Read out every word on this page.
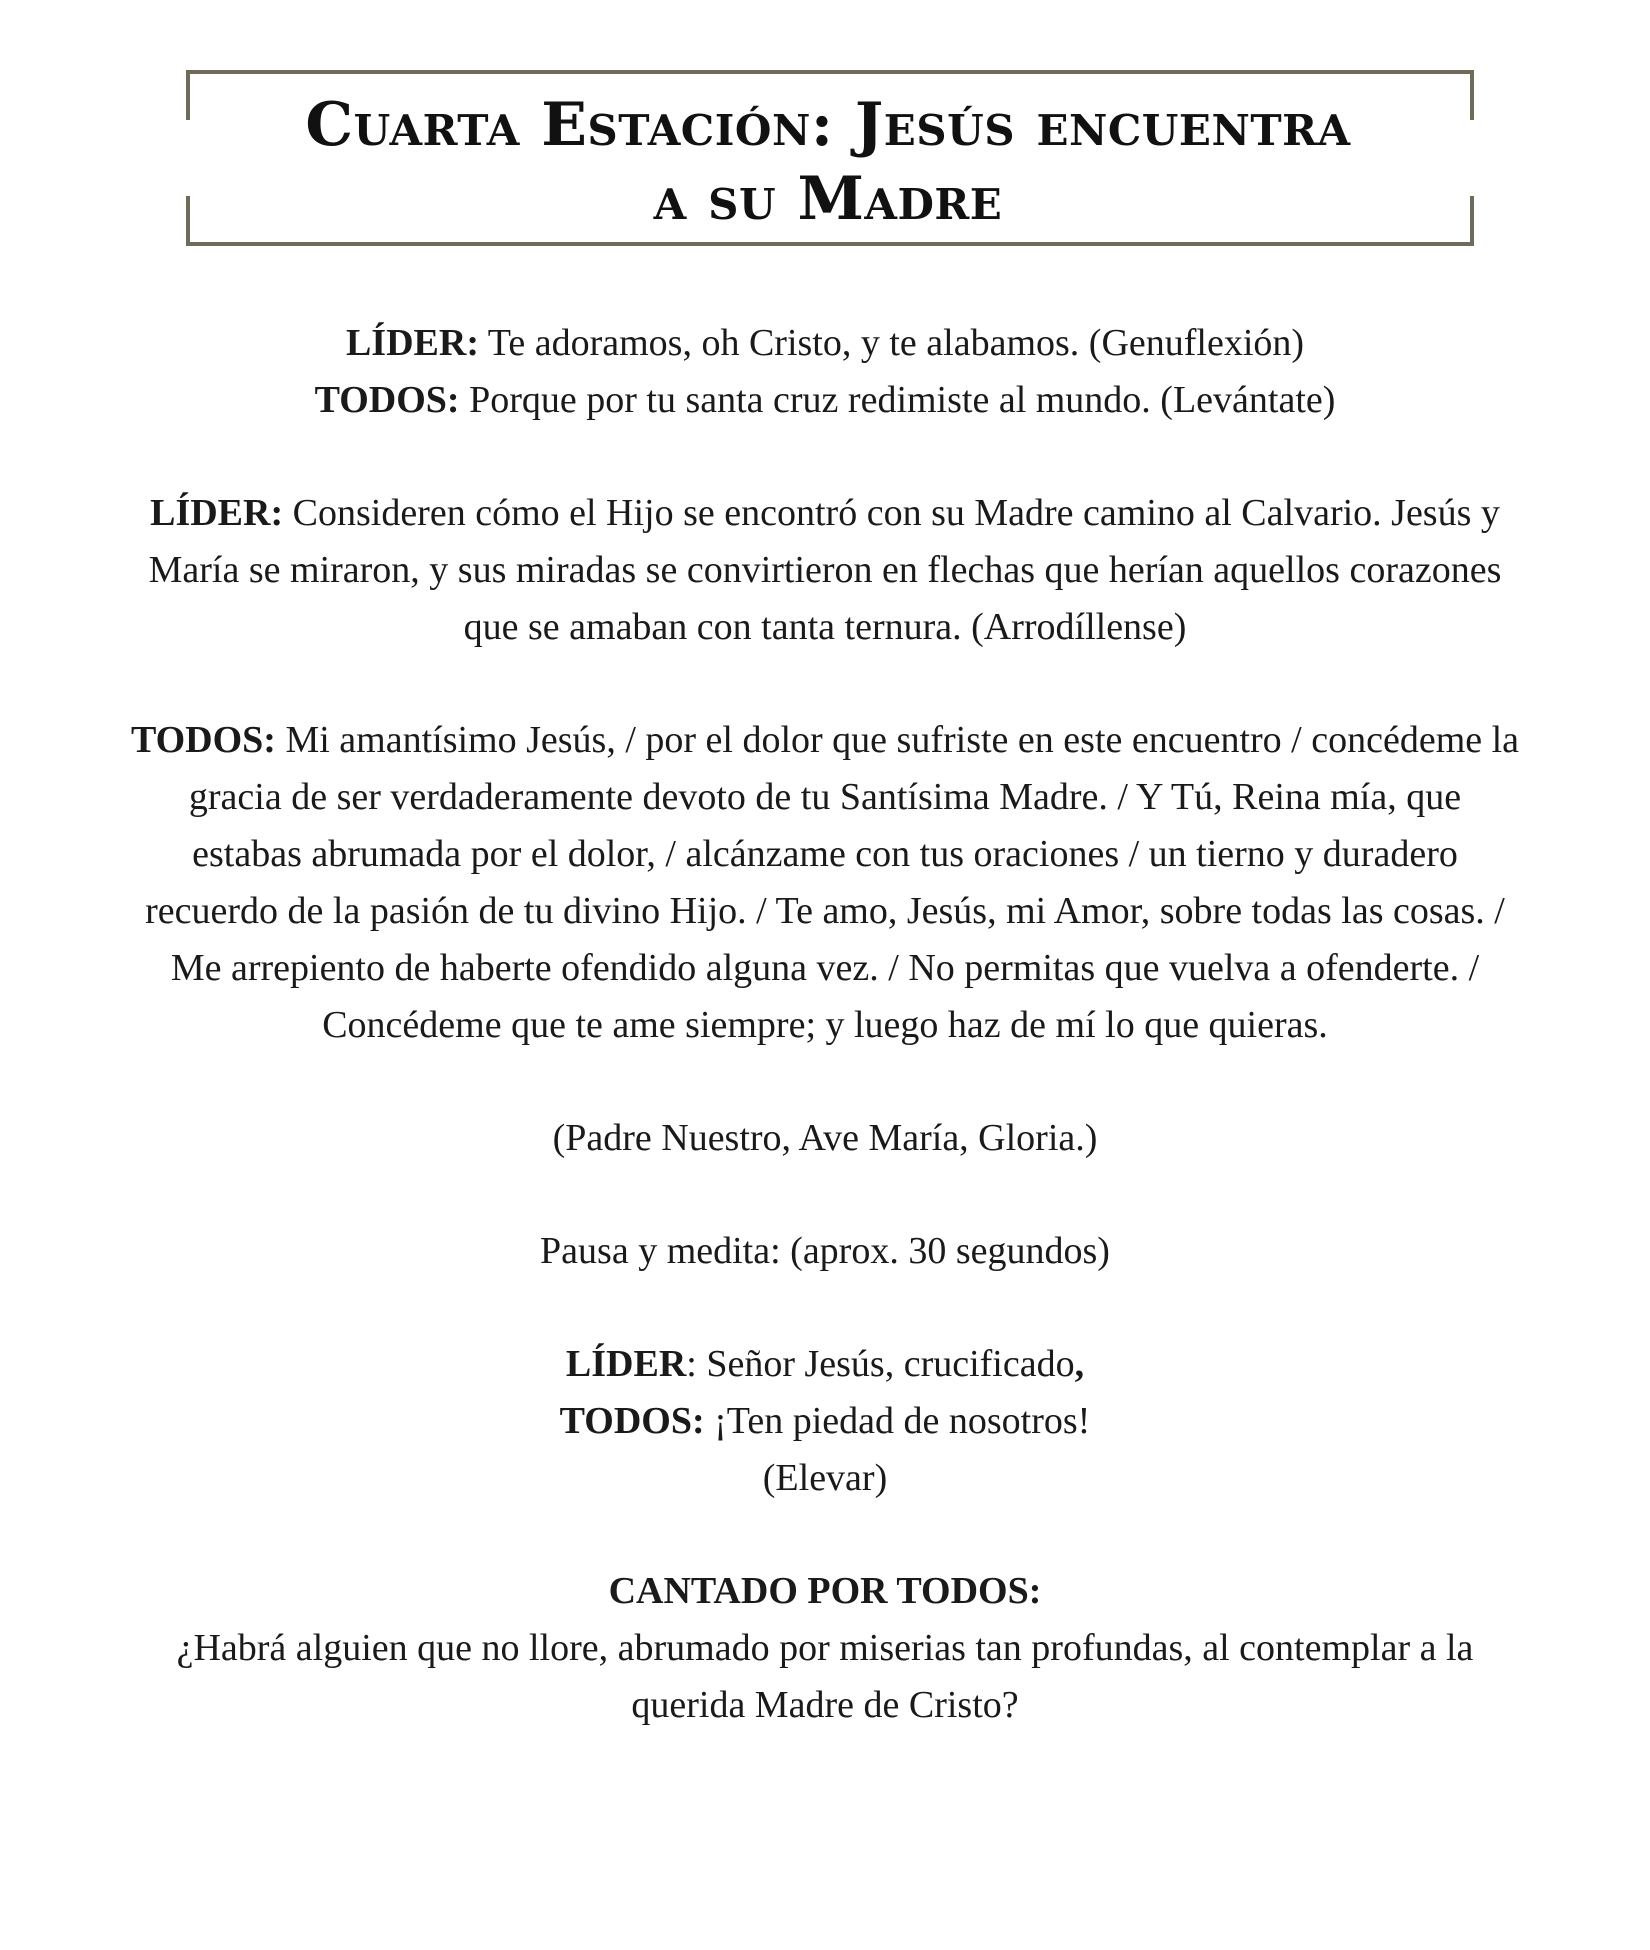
Cuarta Estación: Jesús encuentra
a su Madre

LÍDER: Te adoramos, oh Cristo, y te alabamos. (Genuflexión)
TODOS: Porque por tu santa cruz redimiste al mundo. (Levántate)

LÍDER: Consideren cómo el Hijo se encontró con su Madre camino al Calvario. Jesús y María se miraron, y sus miradas se convirtieron en flechas que herían aquellos corazones que se amaban con tanta ternura. (Arrodíllense)

TODOS: Mi amantísimo Jesús, / por el dolor que sufriste en este encuentro / concédeme la gracia de ser verdaderamente devoto de tu Santísima Madre. / Y Tú, Reina mía, que estabas abrumada por el dolor, / alcánzame con tus oraciones / un tierno y duradero recuerdo de la pasión de tu divino Hijo. / Te amo, Jesús, mi Amor, sobre todas las cosas. / Me arrepiento de haberte ofendido alguna vez. / No permitas que vuelva a ofenderte. / Concédeme que te ame siempre; y luego haz de mí lo que quieras.

(Padre Nuestro, Ave María, Gloria.)

Pausa y medita: (aprox. 30 segundos)

LÍDER: Señor Jesús, crucificado,
TODOS: ¡Ten piedad de nosotros!
(Elevar)

CANTADO POR TODOS:
¿Habrá alguien que no llore, abrumado por miserias tan profundas, al contemplar a la querida Madre de Cristo?
